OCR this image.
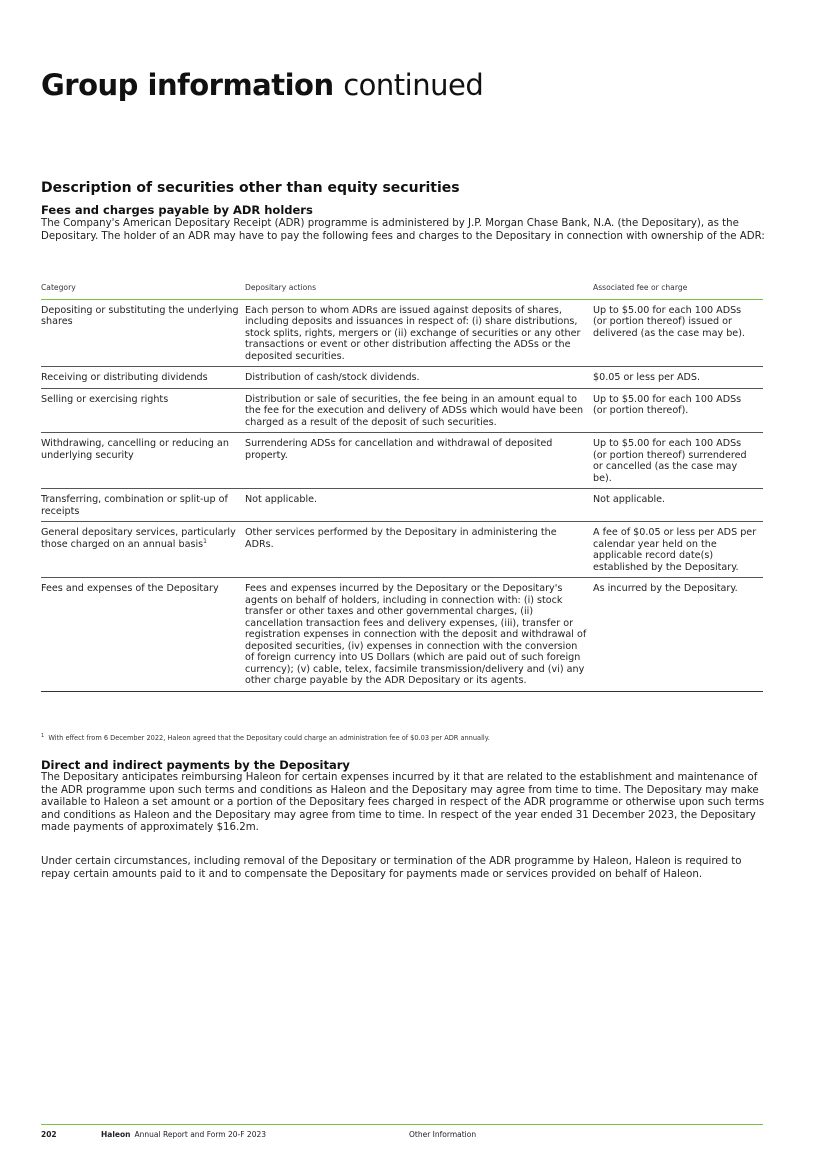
Group information continued
Description of securities other than equity securities
Fees and charges payable by ADR holders

The Company's American Depositary Receipt (ADR) programme is administered by J.P. Morgan Chase Bank, N.A. (the Depositary), as the Depositary. The holder of an ADR may have to pay the following fees and charges to the Depositary in connection with ownership of the ADR:

Category	Depositary actions	Associated fee or charge
Depositing or substituting the underlying shares	Each person to whom ADRs are issued against deposits of shares, including deposits and issuances in respect of: (i) share distributions, stock splits, rights, mergers or (ii) exchange of securities or any other transactions or event or other distribution affecting the ADSs or the deposited securities.	Up to $5.00 for each 100 ADSs (or portion thereof) issued or delivered (as the case may be).
Receiving or distributing dividends	Distribution of cash/stock dividends.	$0.05 or less per ADS.
Selling or exercising rights	Distribution or sale of securities, the fee being in an amount equal to the fee for the execution and delivery of ADSs which would have been charged as a result of the deposit of such securities.	Up to $5.00 for each 100 ADSs (or portion thereof).
Withdrawing, cancelling or reducing an underlying security	Surrendering ADSs for cancellation and withdrawal of deposited property.	Up to $5.00 for each 100 ADSs (or portion thereof) surrendered or cancelled (as the case may be).
Transferring, combination or split-up of receipts	Not applicable.	Not applicable.
General depositary services, particularly those charged on an annual basis$^1$	Other services performed by the Depositary in administering the ADRs.	A fee of $0.05 or less per ADS per calendar year held on the applicable record date(s) established by the Depositary.
Fees and expenses of the Depositary	Fees and expenses incurred by the Depositary or the Depositary's agents on behalf of holders, including in connection with: (i) stock transfer or other taxes and other governmental charges, (ii) cancellation transaction fees and delivery expenses, (iii), transfer or registration expenses in connection with the deposit and withdrawal of deposited securities, (iv) expenses in connection with the conversion of foreign currency into US Dollars (which are paid out of such foreign currency); (v) cable, telex, facsimile transmission/delivery and (vi) any other charge payable by the ADR Depositary or its agents.	As incurred by the Depositary.

$^1$ With effect from 6 December 2022, Haleon agreed that the Depositary could charge an administration fee of $0.03 per ADR annually.

Direct and indirect payments by the Depositary

The Depositary anticipates reimbursing Haleon for certain expenses incurred by it that are related to the establishment and maintenance of the ADR programme upon such terms and conditions as Haleon and the Depositary may agree from time to time. The Depositary may make available to Haleon a set amount or a portion of the Depositary fees charged in respect of the ADR programme or otherwise upon such terms and conditions as Haleon and the Depositary may agree from time to time. In respect of the year ended 31 December 2023, the Depositary made payments of approximately $16.2m.

Under certain circumstances, including removal of the Depositary or termination of the ADR programme by Haleon, Haleon is required to repay certain amounts paid to it and to compensate the Depositary for payments made or services provided on behalf of Haleon.

202	Haleon Annual Report and Form 20-F 2023	Other Information
